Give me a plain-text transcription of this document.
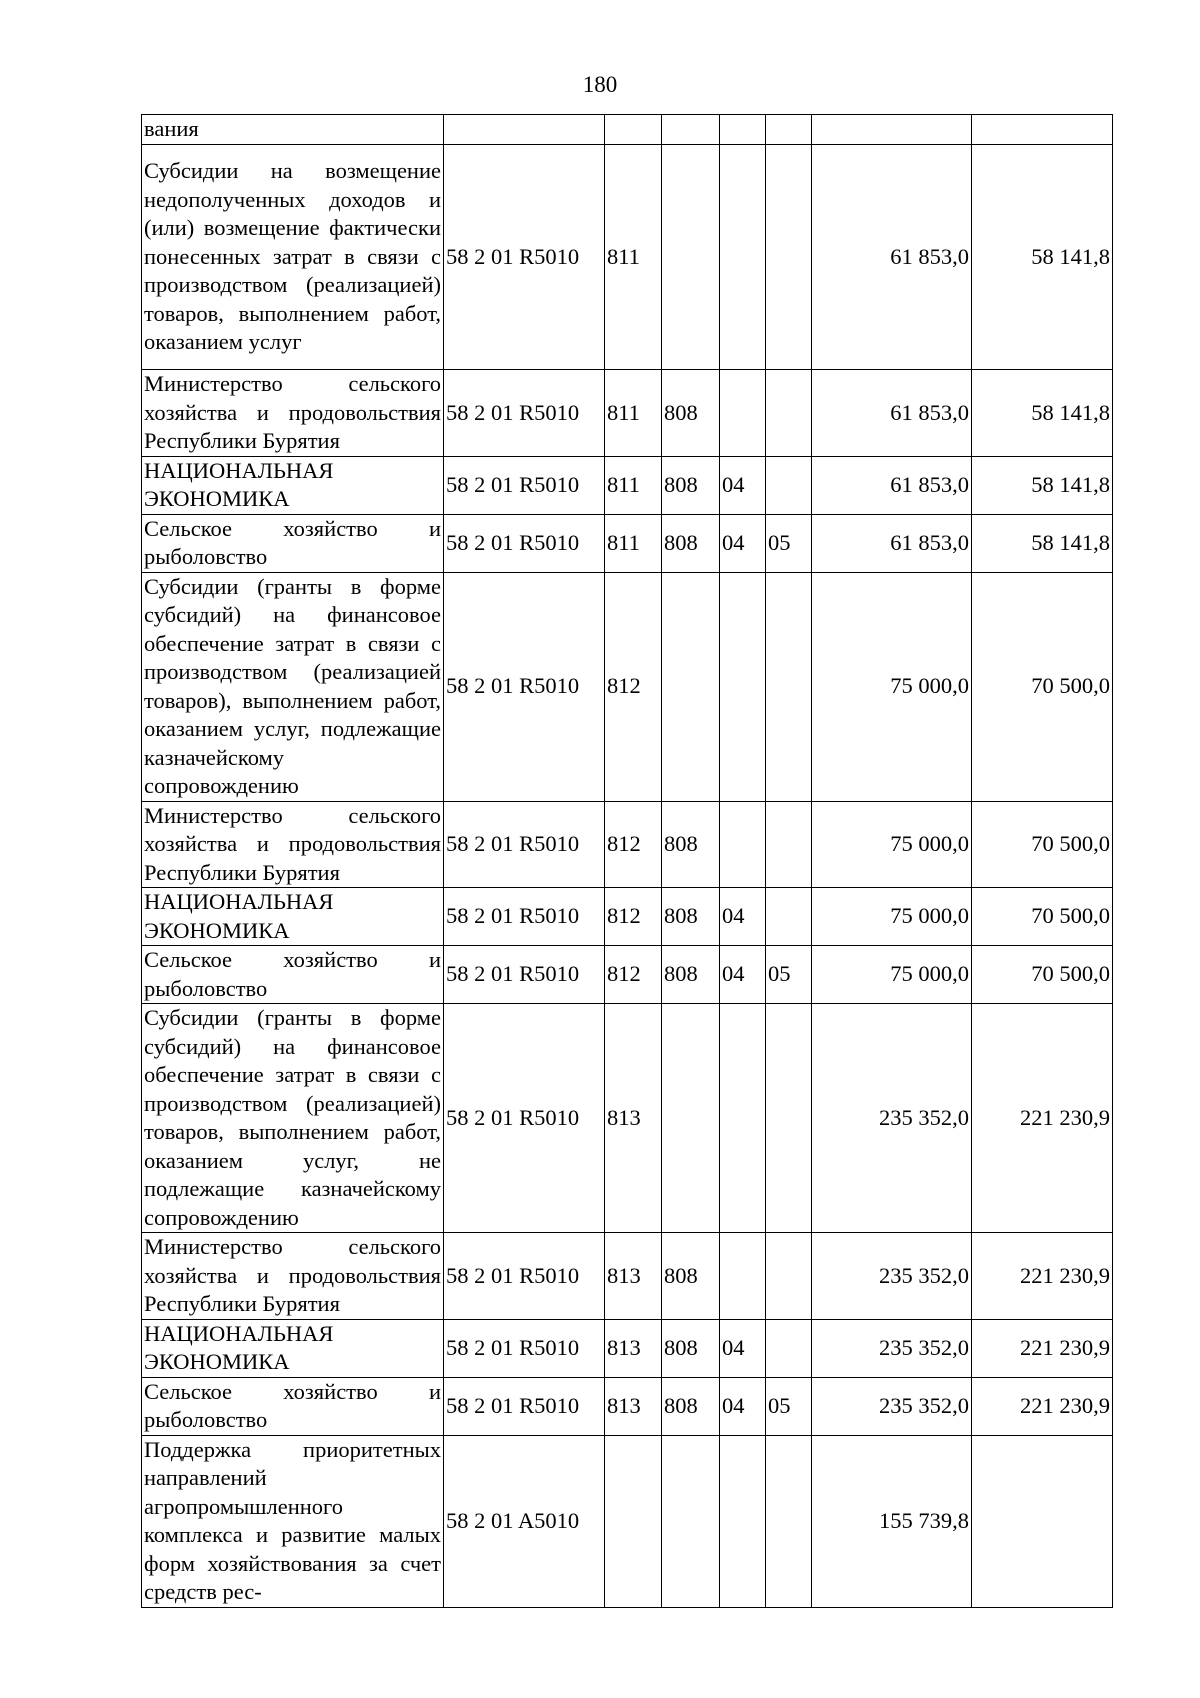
180
вания							
Субсидии на возмещение недополученных доходов и (или) возмещение фактически понесенных затрат в связи с производством (реализацией) товаров, выполнением работ, оказанием услуг	58 2 01 R5010	811				61 853,0	58 141,8
Министерство сельского хозяйства и продовольствия Республики Бурятия	58 2 01 R5010	811	808			61 853,0	58 141,8
НАЦИОНАЛЬНАЯ ЭКОНОМИКА	58 2 01 R5010	811	808	04		61 853,0	58 141,8
Сельское хозяйство и рыболовство	58 2 01 R5010	811	808	04	05	61 853,0	58 141,8
Субсидии (гранты в форме субсидий) на финансовое обеспечение затрат в связи с производством (реализацией товаров), выполнением работ, оказанием услуг, подлежащие казначейскому сопровождению	58 2 01 R5010	812				75 000,0	70 500,0
Министерство сельского хозяйства и продовольствия Республики Бурятия	58 2 01 R5010	812	808			75 000,0	70 500,0
НАЦИОНАЛЬНАЯ ЭКОНОМИКА	58 2 01 R5010	812	808	04		75 000,0	70 500,0
Сельское хозяйство и рыболовство	58 2 01 R5010	812	808	04	05	75 000,0	70 500,0
Субсидии (гранты в форме субсидий) на финансовое обеспечение затрат в связи с производством (реализацией) товаров, выполнением работ, оказанием услуг, не подлежащие казначейскому сопровождению	58 2 01 R5010	813				235 352,0	221 230,9
Министерство сельского хозяйства и продовольствия Республики Бурятия	58 2 01 R5010	813	808			235 352,0	221 230,9
НАЦИОНАЛЬНАЯ ЭКОНОМИКА	58 2 01 R5010	813	808	04		235 352,0	221 230,9
Сельское хозяйство и рыболовство	58 2 01 R5010	813	808	04	05	235 352,0	221 230,9
Поддержка приоритетных направлений агропромышленного комплекса и развитие малых форм хозяйствования за счет средств рес-	58 2 01 A5010					155 739,8	
